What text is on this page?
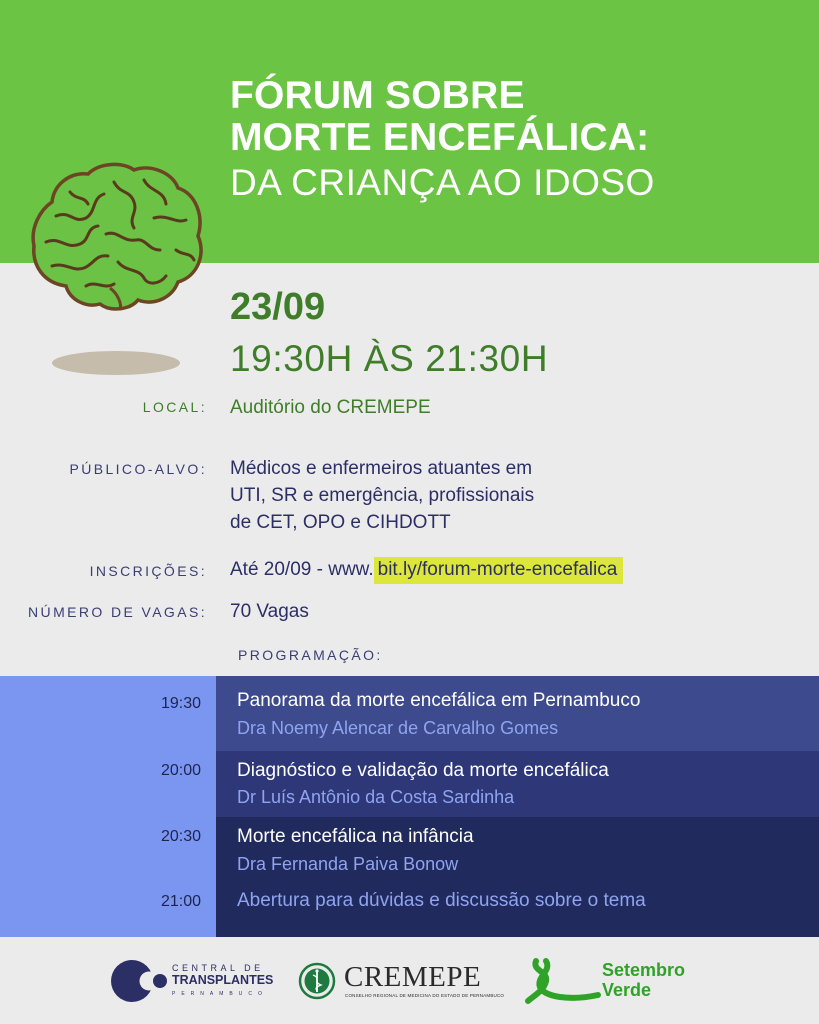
FÓRUM SOBRE
MORTE ENCEFÁLICA:
DA CRIANÇA AO IDOSO
23/09
19:30H ÀS 21:30H
LOCAL: Auditório do CREMEPE
PÚBLICO-ALVO: Médicos e enfermeiros atuantes em
UTI, SR e emergência, profissionais
de CET, OPO e CIHDOTT
INSCRIÇÕES: Até 20/09 - www. bit.ly/forum-morte-encefalica
NÚMERO DE VAGAS: 70 Vagas
PROGRAMAÇÃO:
19:30 Panorama da morte encefálica em Pernambuco
Dra Noemy Alencar de Carvalho Gomes
20:00 Diagnóstico e validação da morte encefálica
Dr Luís Antônio da Costa Sardinha
20:30 Morte encefálica na infância
Dra Fernanda Paiva Bonow
21:00 Abertura para dúvidas e discussão sobre o tema
CENTRAL DE
TRANSPLANTES
PERNAMBUCO
CREMEPE
CONSELHO REGIONAL DE MEDICINA DO ESTADO DE PERNAMBUCO
Setembro
Verde
